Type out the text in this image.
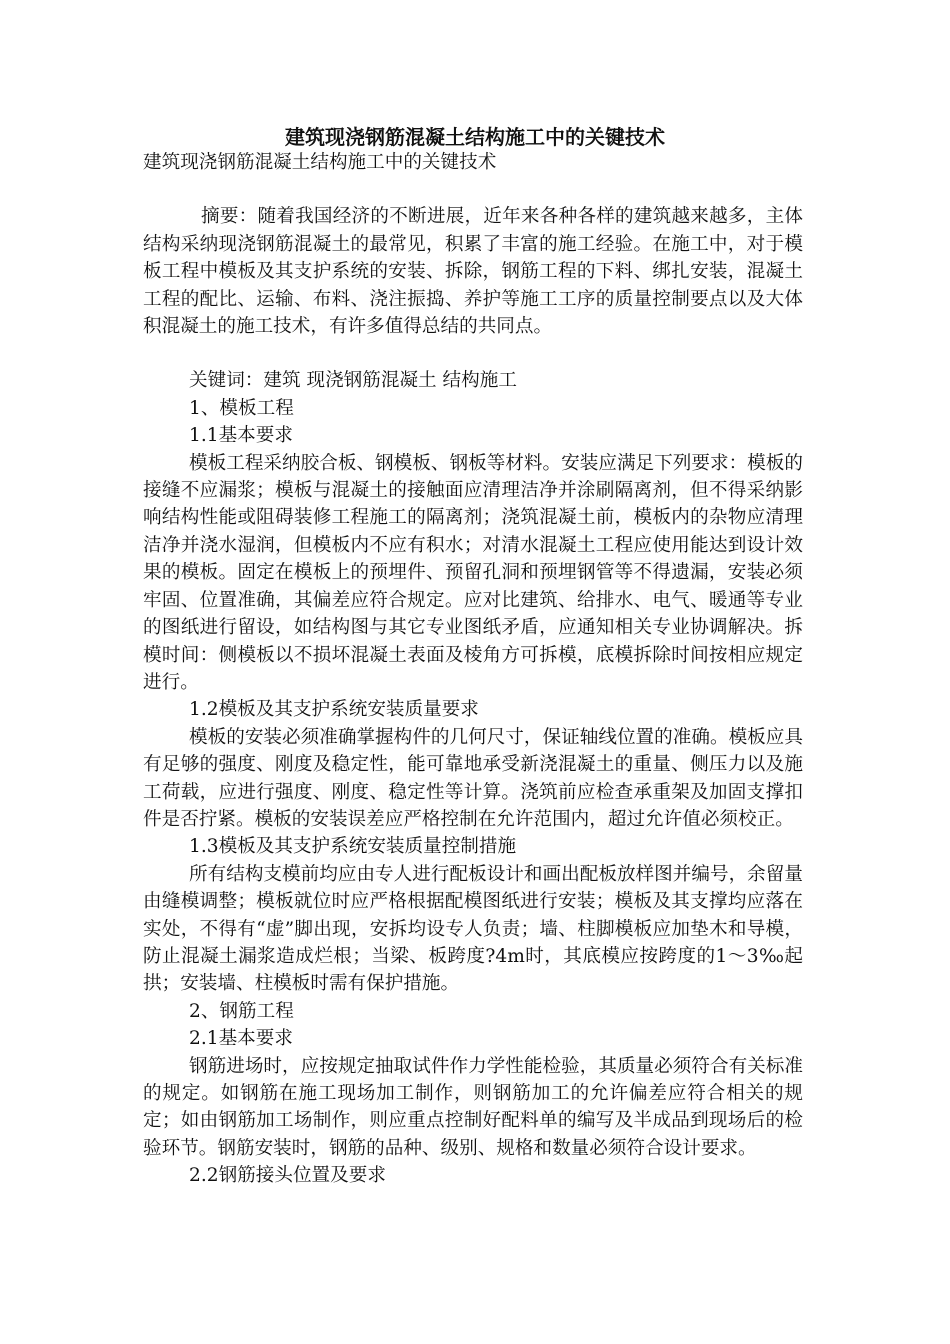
建筑现浇钢筋混凝土结构施工中的关键技术

建筑现浇钢筋混凝土结构施工中的关键技术

摘要：随着我国经济的不断进展，近年来各种各样的建筑越来越多，主体结构采纳现浇钢筋混凝土的最常见，积累了丰富的施工经验。在施工中，对于模板工程中模板及其支护系统的安装、拆除，钢筋工程的下料、绑扎安装，混凝土工程的配比、运输、布料、浇注振捣、养护等施工工序的质量控制要点以及大体积混凝土的施工技术，有许多值得总结的共同点。

关键词：建筑 现浇钢筋混凝土 结构施工

1、模板工程

1.1基本要求

模板工程采纳胶合板、钢模板、钢板等材料。安装应满足下列要求：模板的接缝不应漏浆；模板与混凝土的接触面应清理洁净并涂刷隔离剂，但不得采纳影响结构性能或阻碍装修工程施工的隔离剂；浇筑混凝土前，模板内的杂物应清理洁净并浇水湿润，但模板内不应有积水；对清水混凝土工程应使用能达到设计效果的模板。固定在模板上的预埋件、预留孔洞和预埋钢管等不得遗漏，安装必须牢固、位置准确，其偏差应符合规定。应对比建筑、给排水、电气、暖通等专业的图纸进行留设，如结构图与其它专业图纸矛盾，应通知相关专业协调解决。拆模时间：侧模板以不损坏混凝土表面及棱角方可拆模，底模拆除时间按相应规定进行。

1.2模板及其支护系统安装质量要求

模板的安装必须准确掌握构件的几何尺寸，保证轴线位置的准确。模板应具有足够的强度、刚度及稳定性，能可靠地承受新浇混凝土的重量、侧压力以及施工荷载，应进行强度、刚度、稳定性等计算。浇筑前应检查承重架及加固支撑扣件是否拧紧。模板的安装误差应严格控制在允许范围内，超过允许值必须校正。

1.3模板及其支护系统安装质量控制措施

所有结构支模前均应由专人进行配板设计和画出配板放样图并编号，余留量由缝模调整；模板就位时应严格根据配模图纸进行安装；模板及其支撑均应落在实处，不得有“虚”脚出现，安拆均设专人负责；墙、柱脚模板应加垫木和导模，防止混凝土漏浆造成烂根；当梁、板跨度?4m时，其底模应按跨度的1～3‰起拱；安装墙、柱模板时需有保护措施。

2、钢筋工程

2.1基本要求

钢筋进场时，应按规定抽取试件作力学性能检验，其质量必须符合有关标准的规定。如钢筋在施工现场加工制作，则钢筋加工的允许偏差应符合相关的规定；如由钢筋加工场制作，则应重点控制好配料单的编写及半成品到现场后的检验环节。钢筋安装时，钢筋的品种、级别、规格和数量必须符合设计要求。

2.2钢筋接头位置及要求
